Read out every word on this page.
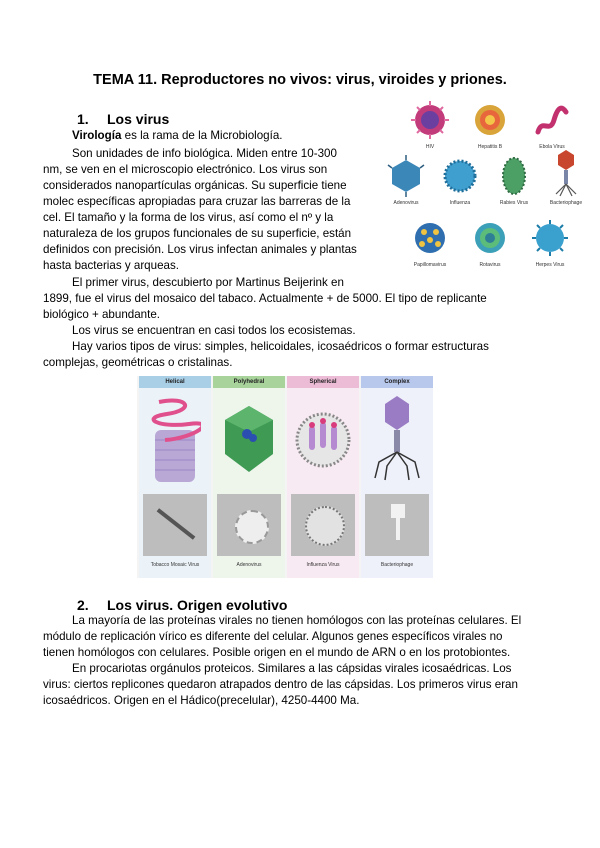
TEMA 11. Reproductores no vivos: virus, viroides y priones.
1. Los virus
Virología es la rama de la Microbiología.
Son unidades de info biológica. Miden entre 10-300
nm, se ven en el microscopio electrónico. Los virus son
considerados nanopartículas orgánicas. Su superficie tiene
molec específicas apropiadas para cruzar las barreras de la
cel. El tamaño y la forma de los virus, así como el nº y la
naturaleza de los grupos funcionales de su superficie, están
definidos con precisión. Los virus infectan animales y plantas
hasta bacterias y arqueas.
El primer virus, descubierto por Martinus Beijerink en
1899, fue el virus del mosaico del tabaco. Actualmente + de 5000. El tipo de replicante
biológico + abundante.
Los virus se encuentran en casi todos los ecosistemas.
Hay varios tipos de virus: simples, helicoidales, icosaédricos o formar estructuras
complejas, geométricas o cristalinas.
HIV	Hepatitis B	Ebola Virus
Adenovirus	Influenza	Rabies Virus	Bacteriophage
Papillomavirus	Rotavirus	Herpes Virus
Helical
Tobacco Mosaic Virus
Polyhedral
Adenovirus
Spherical
Influenza Virus
Complex
Bacteriophage
2. Los virus. Origen evolutivo
La mayoría de las proteínas virales no tienen homólogos con las proteínas celulares. El
módulo de replicación vírico es diferente del celular. Algunos genes específicos virales no
tienen homólogos con celulares. Posible origen en el mundo de ARN o en los protobiontes.
En procariotas orgánulos proteicos. Similares a las cápsidas virales icosaédricas. Los
virus: ciertos replicones quedaron atrapados dentro de las cápsidas. Los primeros virus eran
icosaédricos. Origen en el Hádico(precelular), 4250-4400 Ma.
